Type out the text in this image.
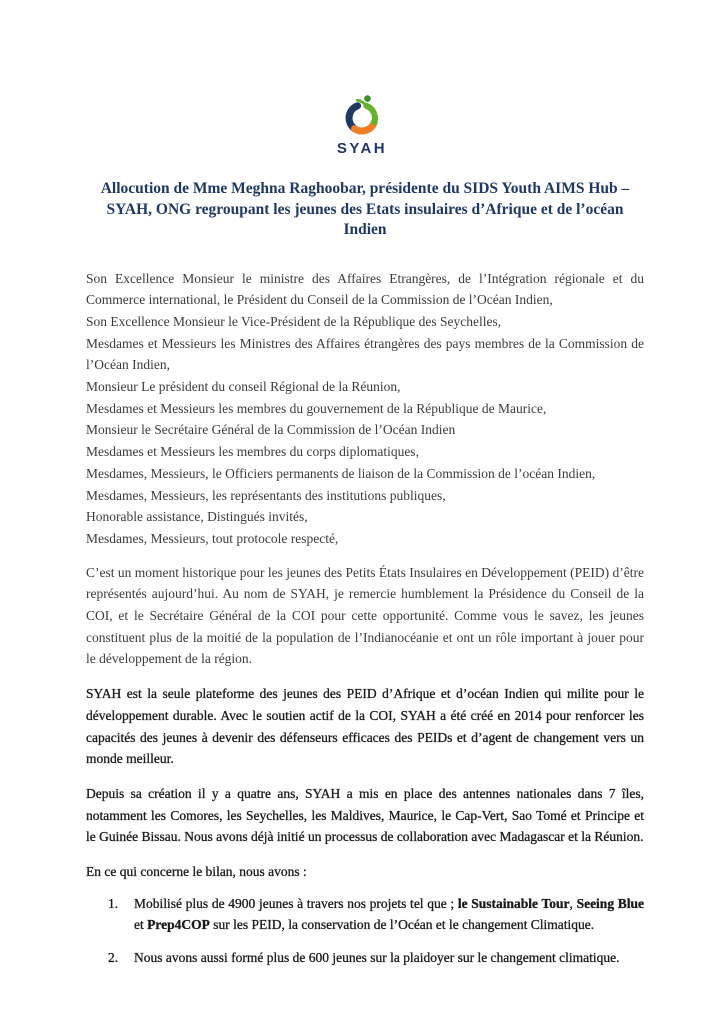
SYAH
Allocution de Mme Meghna Raghoobar, présidente du SIDS Youth AIMS Hub – SYAH, ONG regroupant les jeunes des Etats insulaires d’Afrique et de l’océan Indien
Son Excellence Monsieur le ministre des Affaires Etrangères, de l’Intégration régionale et du Commerce international, le Président du Conseil de la Commission de l’Océan Indien,
Son Excellence Monsieur le Vice-Président de la République des Seychelles,
Mesdames et Messieurs les Ministres des Affaires étrangères des pays membres de la Commission de l’Océan Indien,
Monsieur Le président du conseil Régional de la Réunion,
Mesdames et Messieurs les membres du gouvernement de la République de Maurice,
Monsieur le Secrétaire Général de la Commission de l’Océan Indien
Mesdames et Messieurs les membres du corps diplomatiques,
Mesdames, Messieurs, le Officiers permanents de liaison de la Commission de l’océan Indien,
Mesdames, Messieurs, les représentants des institutions publiques,
Honorable assistance, Distingués invités,
Mesdames, Messieurs, tout protocole respecté,
C’est un moment historique pour les jeunes des Petits États Insulaires en Développement (PEID) d’être représentés aujourd’hui. Au nom de SYAH, je remercie humblement la Présidence du Conseil de la COI, et le Secrétaire Général de la COI pour cette opportunité. Comme vous le savez, les jeunes constituent plus de la moitié de la population de l’Indianocéanie et ont un rôle important à jouer pour le développement de la région.
SYAH est la seule plateforme des jeunes des PEID d’Afrique et d’océan Indien qui milite pour le développement durable. Avec le soutien actif de la COI, SYAH a été créé en 2014 pour renforcer les capacités des jeunes à devenir des défenseurs efficaces des PEIDs et d’agent de changement vers un monde meilleur.
Depuis sa création il y a quatre ans, SYAH a mis en place des antennes nationales dans 7 îles, notamment les Comores, les Seychelles, les Maldives, Maurice, le Cap-Vert, Sao Tomé et Principe et le Guinée Bissau. Nous avons déjà initié un processus de collaboration avec Madagascar et la Réunion.
En ce qui concerne le bilan, nous avons :
1. Mobilisé plus de 4900 jeunes à travers nos projets tel que ; le Sustainable Tour, Seeing Blue et Prep4COP sur les PEID, la conservation de l’Océan et le changement Climatique.
2. Nous avons aussi formé plus de 600 jeunes sur la plaidoyer sur le changement climatique.
